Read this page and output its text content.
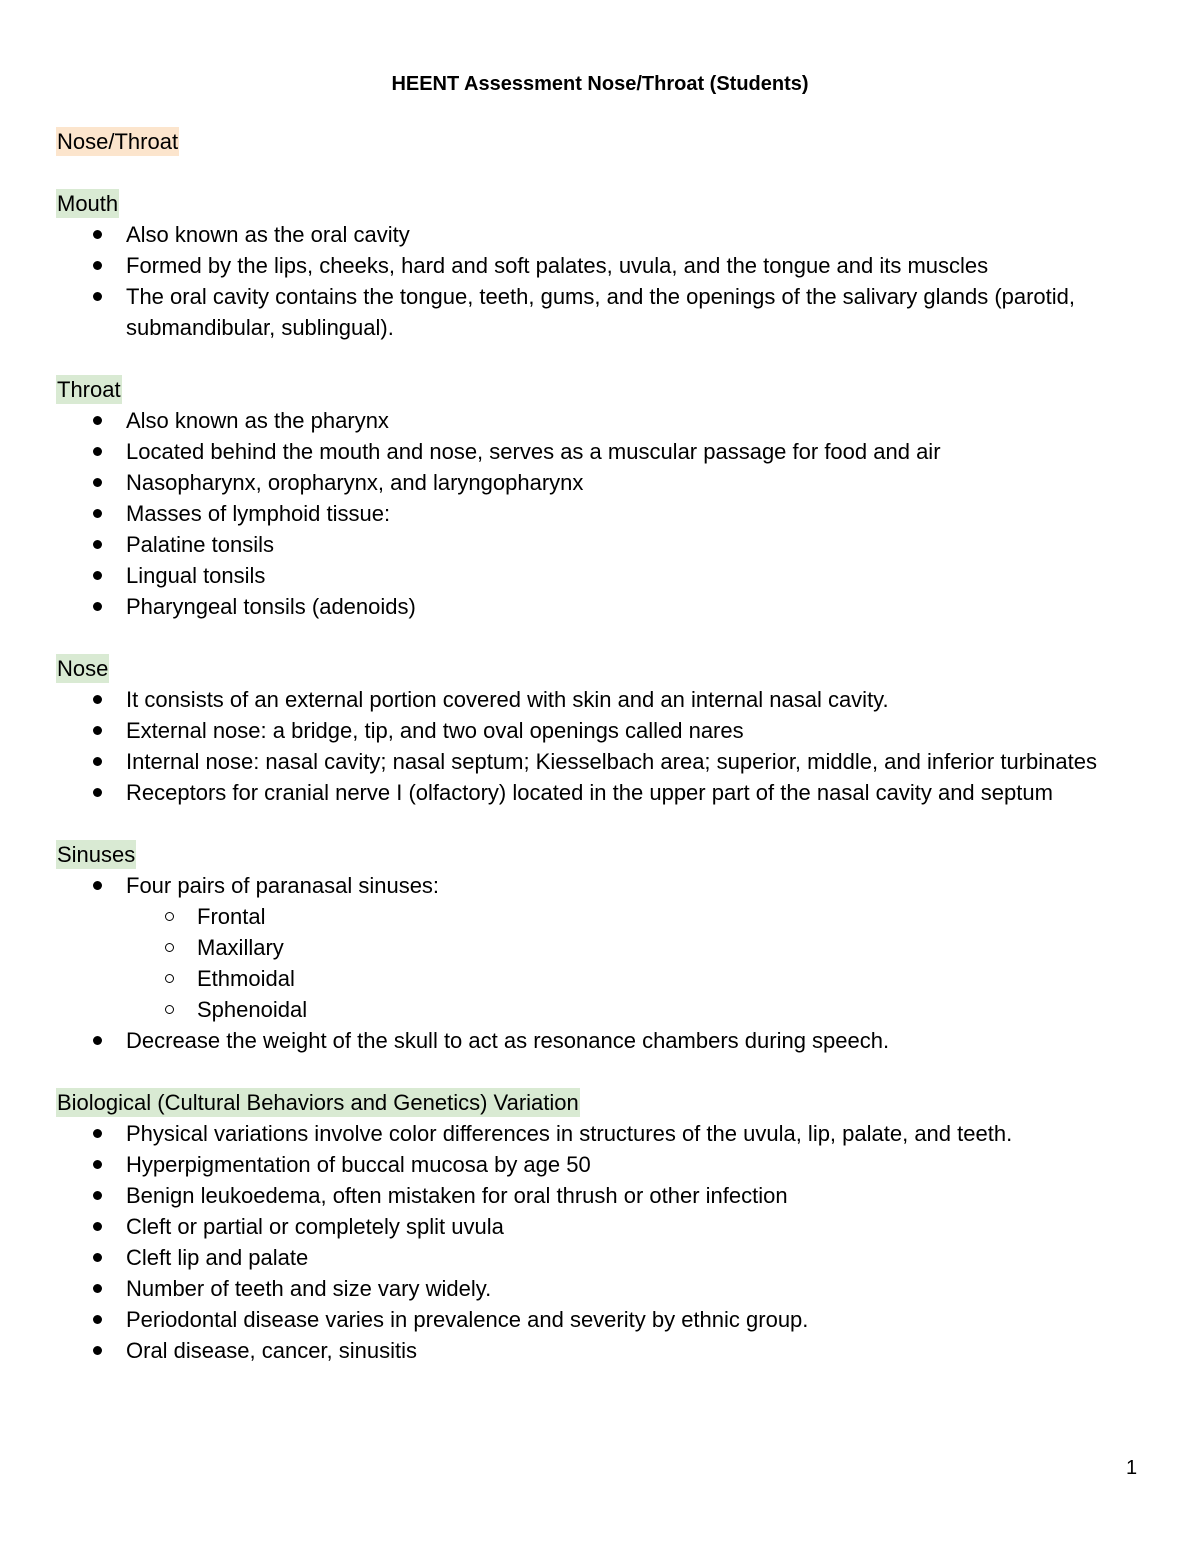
HEENT Assessment Nose/Throat (Students)
Nose/Throat
Mouth
Also known as the oral cavity
Formed by the lips, cheeks, hard and soft palates, uvula, and the tongue and its muscles
The oral cavity contains the tongue, teeth, gums, and the openings of the salivary glands (parotid, submandibular, sublingual).
Throat
Also known as the pharynx
Located behind the mouth and nose, serves as a muscular passage for food and air
Nasopharynx, oropharynx, and laryngopharynx
Masses of lymphoid tissue:
Palatine tonsils
Lingual tonsils
Pharyngeal tonsils (adenoids)
Nose
It consists of an external portion covered with skin and an internal nasal cavity.
External nose: a bridge, tip, and two oval openings called nares
Internal nose: nasal cavity; nasal septum; Kiesselbach area; superior, middle, and inferior turbinates
Receptors for cranial nerve I (olfactory) located in the upper part of the nasal cavity and septum
Sinuses
Four pairs of paranasal sinuses:
Frontal
Maxillary
Ethmoidal
Sphenoidal
Decrease the weight of the skull to act as resonance chambers during speech.
Biological (Cultural Behaviors and Genetics) Variation
Physical variations involve color differences in structures of the uvula, lip, palate, and teeth.
Hyperpigmentation of buccal mucosa by age 50
Benign leukoedema, often mistaken for oral thrush or other infection
Cleft or partial or completely split uvula
Cleft lip and palate
Number of teeth and size vary widely.
Periodontal disease varies in prevalence and severity by ethnic group.
Oral disease, cancer, sinusitis
1
